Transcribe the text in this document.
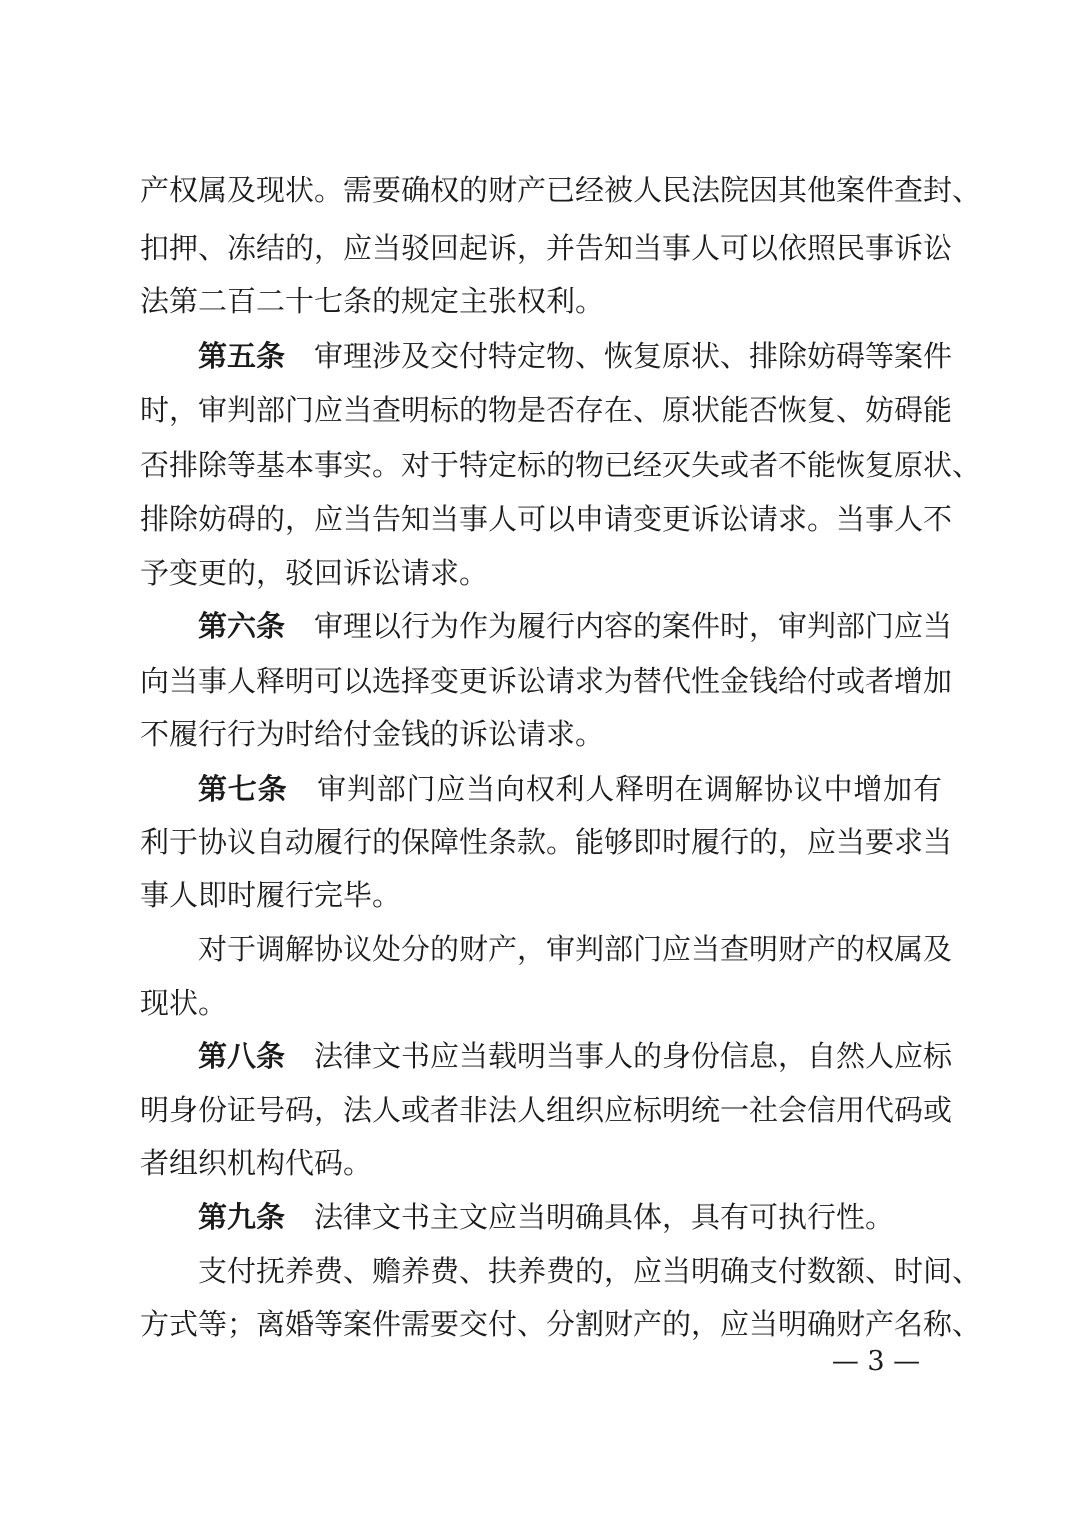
产权属及现状。需要确权的财产已经被人民法院因其他案件查封、
扣押、冻结的，应当驳回起诉，并告知当事人可以依照民事诉讼
法第二百二十七条的规定主张权利。
第五条　审理涉及交付特定物、恢复原状、排除妨碍等案件
时，审判部门应当查明标的物是否存在、原状能否恢复、妨碍能
否排除等基本事实。对于特定标的物已经灭失或者不能恢复原状、
排除妨碍的，应当告知当事人可以申请变更诉讼请求。当事人不
予变更的，驳回诉讼请求。
第六条　审理以行为作为履行内容的案件时，审判部门应当
向当事人释明可以选择变更诉讼请求为替代性金钱给付或者增加
不履行行为时给付金钱的诉讼请求。
第七条　审判部门应当向权利人释明在调解协议中增加有
利于协议自动履行的保障性条款。能够即时履行的，应当要求当
事人即时履行完毕。
对于调解协议处分的财产，审判部门应当查明财产的权属及
现状。
第八条　法律文书应当载明当事人的身份信息，自然人应标
明身份证号码，法人或者非法人组织应标明统一社会信用代码或
者组织机构代码。
第九条　法律文书主文应当明确具体，具有可执行性。
支付抚养费、赡养费、扶养费的，应当明确支付数额、时间、
方式等；离婚等案件需要交付、分割财产的，应当明确财产名称、
— 3 —
